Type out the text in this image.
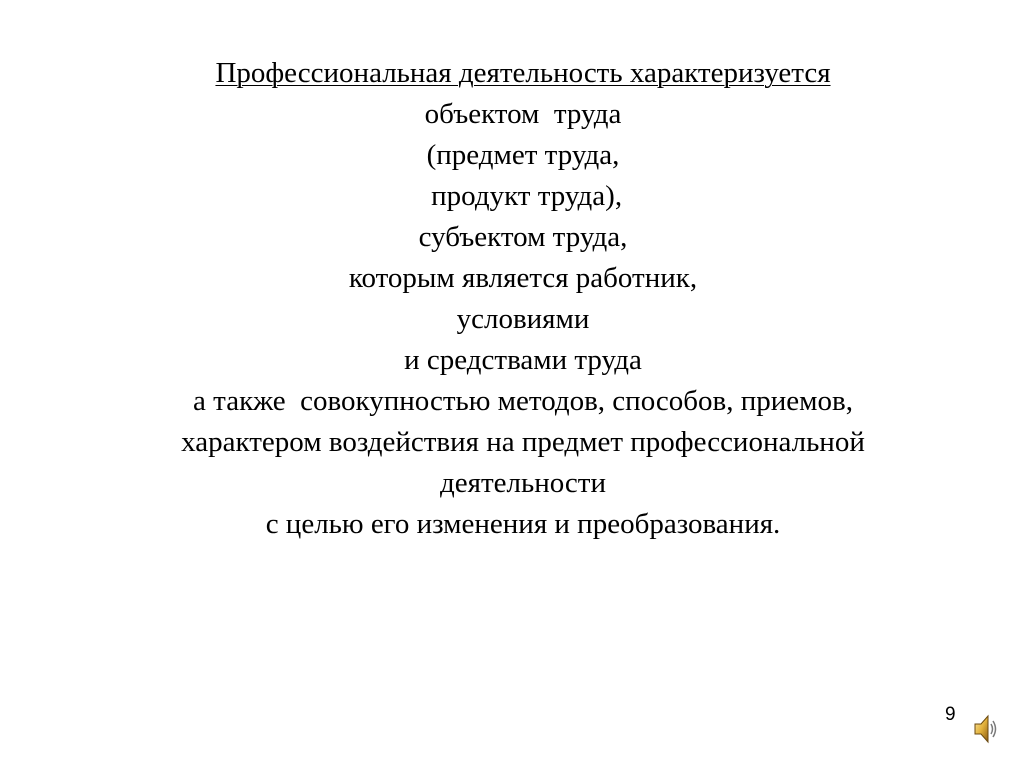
Профессиональная деятельность характеризуется
объектом  труда
(предмет труда,
продукт труда),
субъектом труда,
которым является работник,
условиями
и средствами труда
а также  совокупностью методов, способов, приемов,
характером воздействия на предмет профессиональной
деятельности
с целью его изменения и преобразования.
9
